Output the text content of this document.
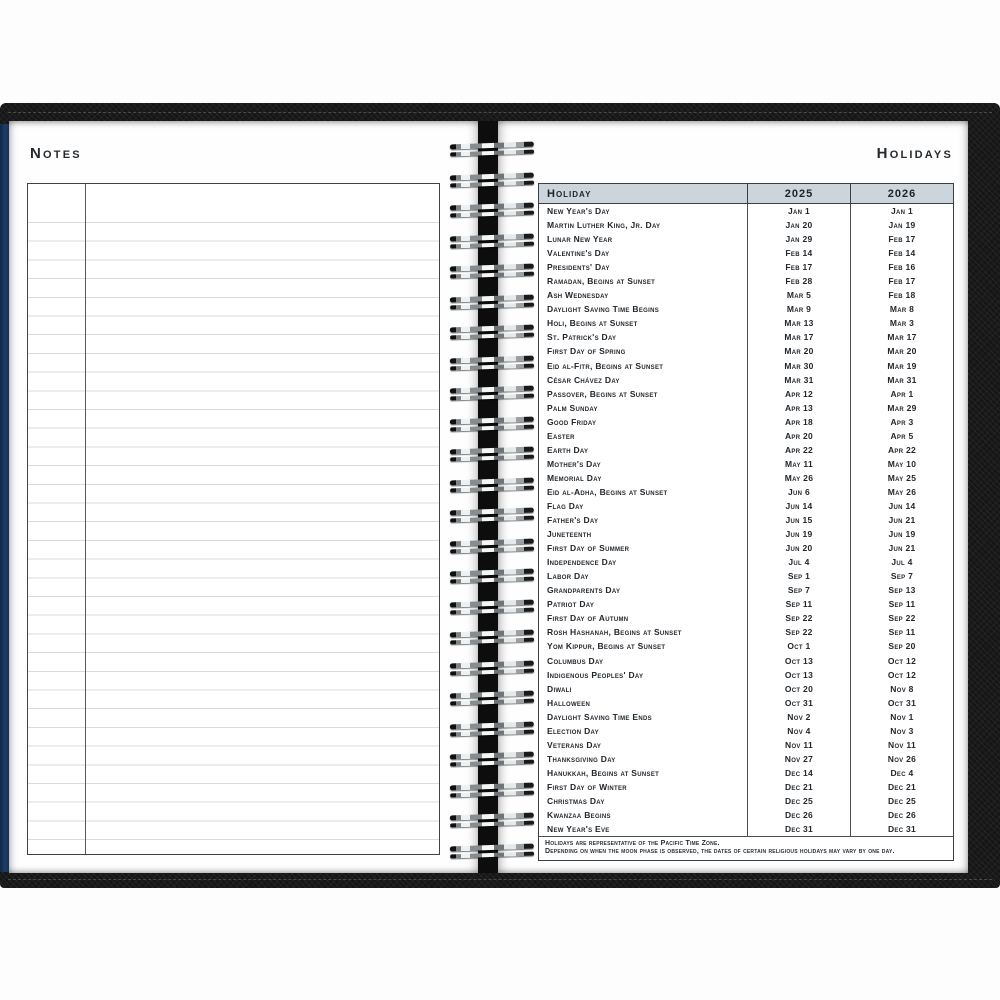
Notes	Holidays
Holiday	2025	2026
New Year's Day	Jan 1	Jan 1
Martin Luther King, Jr. Day	Jan 20	Jan 19
Lunar New Year	Jan 29	Feb 17
Valentine's Day	Feb 14	Feb 14
Presidents' Day	Feb 17	Feb 16
Ramadan, Begins at Sunset	Feb 28	Feb 17
Ash Wednesday	Mar 5	Feb 18
Daylight Saving Time Begins	Mar 9	Mar 8
Holi, Begins at Sunset	Mar 13	Mar 3
St. Patrick's Day	Mar 17	Mar 17
First Day of Spring	Mar 20	Mar 20
Eid al-Fitr, Begins at Sunset	Mar 30	Mar 19
César Chávez Day	Mar 31	Mar 31
Passover, Begins at Sunset	Apr 12	Apr 1
Palm Sunday	Apr 13	Mar 29
Good Friday	Apr 18	Apr 3
Easter	Apr 20	Apr 5
Earth Day	Apr 22	Apr 22
Mother's Day	May 11	May 10
Memorial Day	May 26	May 25
Eid al-Adha, Begins at Sunset	Jun 6	May 26
Flag Day	Jun 14	Jun 14
Father's Day	Jun 15	Jun 21
Juneteenth	Jun 19	Jun 19
First Day of Summer	Jun 20	Jun 21
Independence Day	Jul 4	Jul 4
Labor Day	Sep 1	Sep 7
Grandparents Day	Sep 7	Sep 13
Patriot Day	Sep 11	Sep 11
First Day of Autumn	Sep 22	Sep 22
Rosh Hashanah, Begins at Sunset	Sep 22	Sep 11
Yom Kippur, Begins at Sunset	Oct 1	Sep 20
Columbus Day	Oct 13	Oct 12
Indigenous Peoples' Day	Oct 13	Oct 12
Diwali	Oct 20	Nov 8
Halloween	Oct 31	Oct 31
Daylight Saving Time Ends	Nov 2	Nov 1
Election Day	Nov 4	Nov 3
Veterans Day	Nov 11	Nov 11
Thanksgiving Day	Nov 27	Nov 26
Hanukkah, Begins at Sunset	Dec 14	Dec 4
First Day of Winter	Dec 21	Dec 21
Christmas Day	Dec 25	Dec 25
Kwanzaa Begins	Dec 26	Dec 26
New Year's Eve	Dec 31	Dec 31
Holidays are representative of the Pacific Time Zone.
Depending on when the moon phase is observed, the dates of certain religious holidays may vary by one day.
